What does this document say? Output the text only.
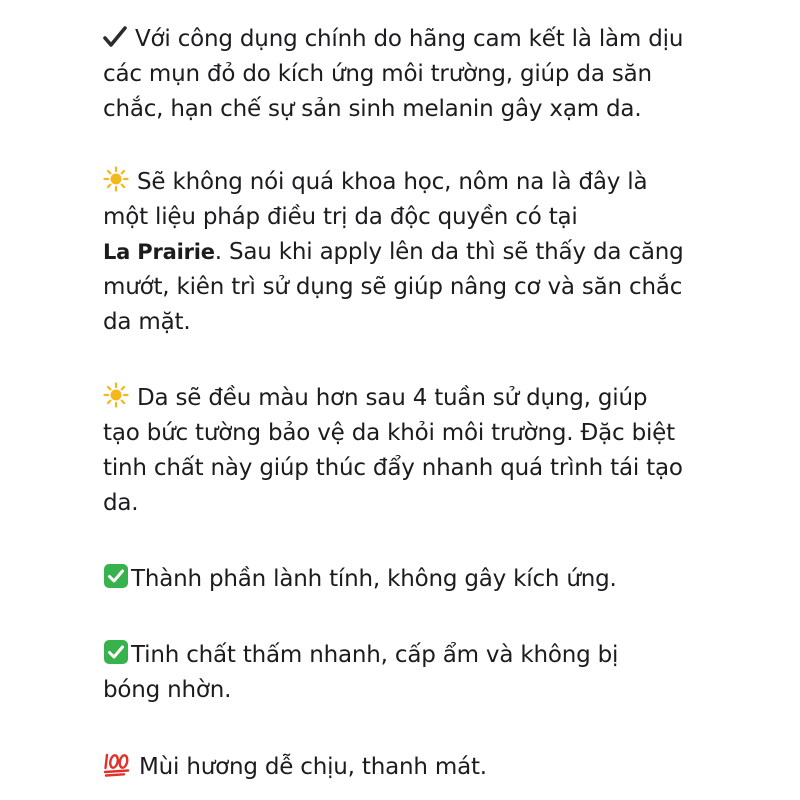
Với công dụng chính do hãng cam kết là làm dịu
các mụn đỏ do kích ứng môi trường, giúp da săn
chắc, hạn chế sự sản sinh melanin gây xạm da.

Sẽ không nói quá khoa học, nôm na là đây là
một liệu pháp điều trị da độc quyền có tại
La Prairie. Sau khi apply lên da thì sẽ thấy da căng
mướt, kiên trì sử dụng sẽ giúp nâng cơ và săn chắc
da mặt.

Da sẽ đều màu hơn sau 4 tuần sử dụng, giúp
tạo bức tường bảo vệ da khỏi môi trường. Đặc biệt
tinh chất này giúp thúc đẩy nhanh quá trình tái tạo
da.

Thành phần lành tính, không gây kích ứng.

Tinh chất thấm nhanh, cấp ẩm và không bị
bóng nhờn.

Mùi hương dễ chịu, thanh mát.
